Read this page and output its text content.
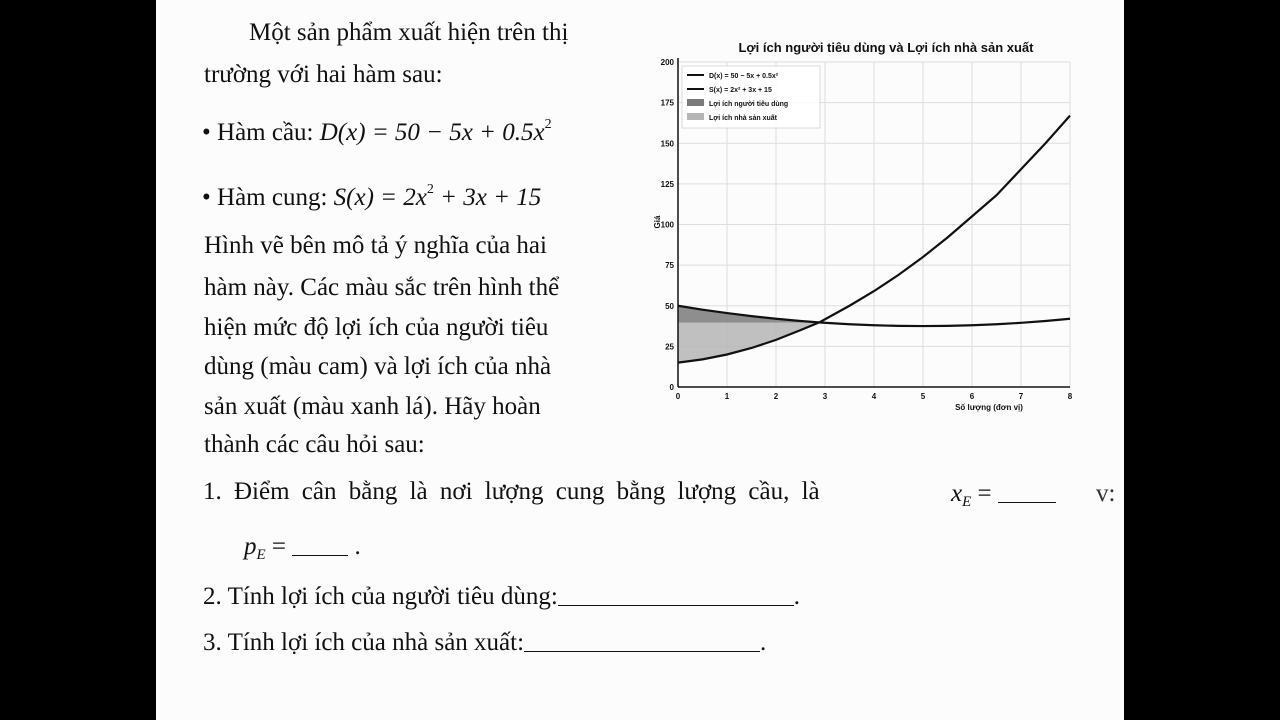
Một sản phẩm xuất hiện trên thị
trường với hai hàm sau:
• Hàm cầu: $D(x) = 50 - 5x + 0.5x^2$
• Hàm cung: $S(x) = 2x^2 + 3x + 15$
Hình vẽ bên mô tả ý nghĩa của hai
hàm này. Các màu sắc trên hình thể
hiện mức độ lợi ích của người tiêu
dùng (màu cam) và lợi ích của nhà
sản xuất (màu xanh lá). Hãy hoàn
thành các câu hỏi sau:
0	1	2	3	4	5	6	7	8
0
25
50
75
100
125
150
175
200
Lợi ích người tiêu dùng và Lợi ích nhà sản xuất
Số lượng (đơn vị)
Giá
D(x) = 50 − 5x + 0.5x²
S(x) = 2x² + 3x + 15
Lợi ích người tiêu dùng
Lợi ích nhà sản xuất
1. Điểm cân bằng là nơi lượng cung bằng lượng cầu, là	$x_E$ =	v:
$p_E$ =	.
2. Tính lợi ích của người tiêu dùng:	.
3. Tính lợi ích của nhà sản xuất:	.
